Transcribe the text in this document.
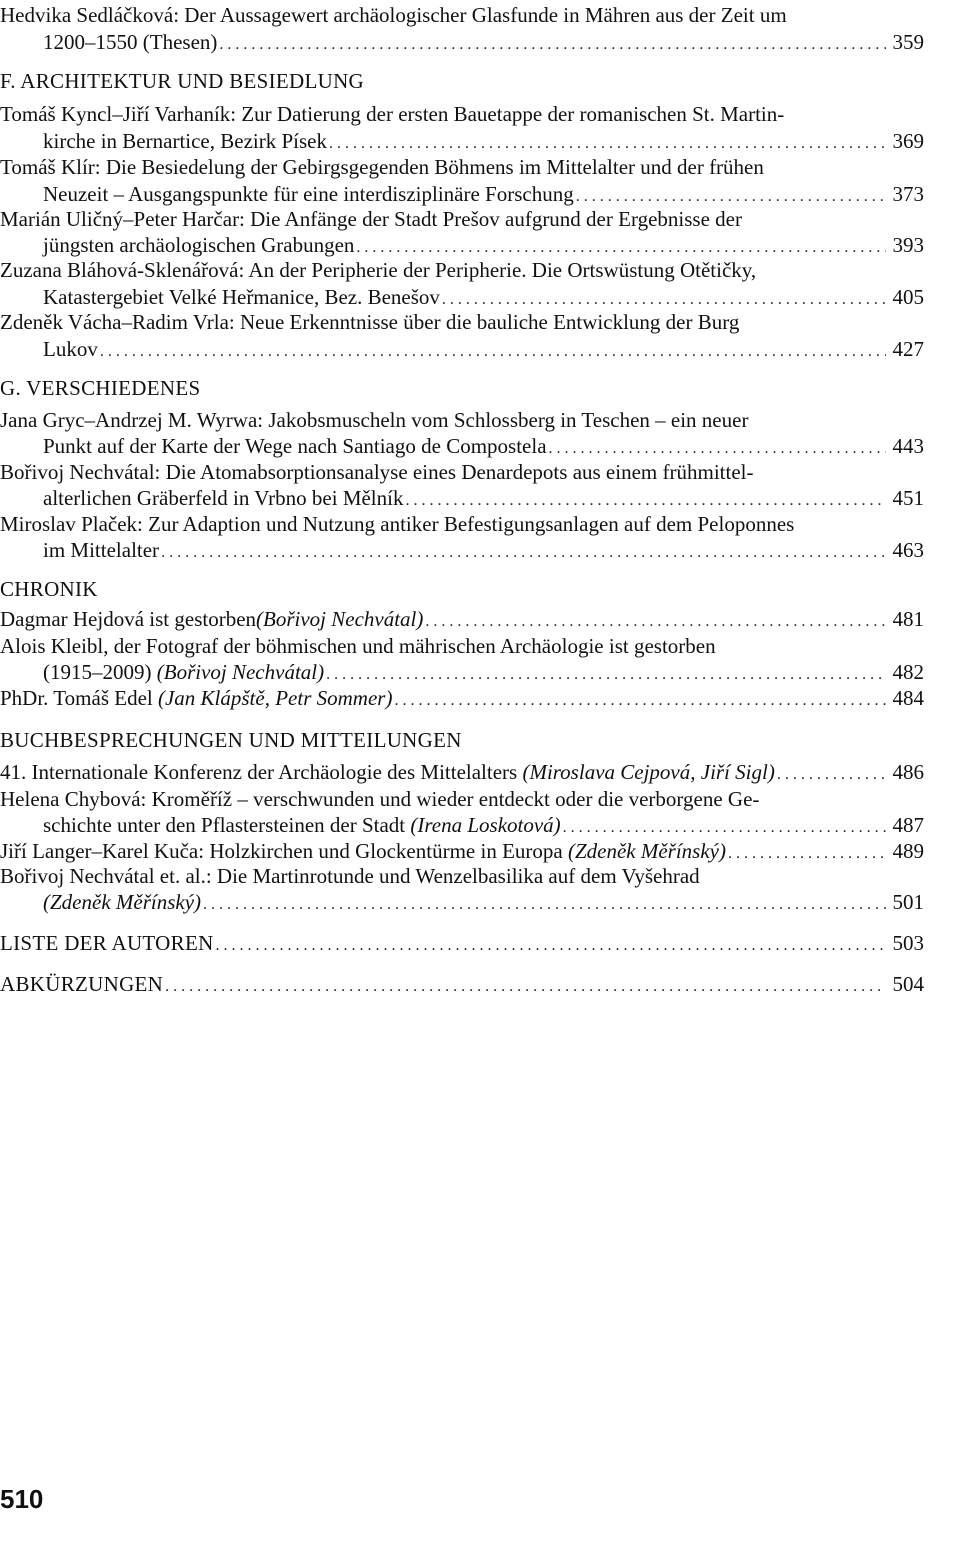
Hedvika Sedláčková: Der Aussagewert archäologischer Glasfunde in Mähren aus der Zeit um
1200–1550 (Thesen) . . .	359
F. ARCHITEKTUR UND BESIEDLUNG
Tomáš Kyncl–Jiří Varhaník: Zur Datierung der ersten Bauetappe der romanischen St. Martin-
kirche in Bernartice, Bezirk Písek . . .	369
Tomáš Klír: Die Besiedelung der Gebirgsgegenden Böhmens im Mittelalter und der frühen
Neuzeit – Ausgangspunkte für eine interdisziplinäre Forschung . . .	373
Marián Uličný–Peter Harčar: Die Anfänge der Stadt Prešov aufgrund der Ergebnisse der
jüngsten archäologischen Grabungen . . .	393
Zuzana Bláhová-Sklenářová: An der Peripherie der Peripherie. Die Ortswüstung Otětičky,
Katastergebiet Velké Heřmanice, Bez. Benešov . . .	405
Zdeněk Vácha–Radim Vrla: Neue Erkenntnisse über die bauliche Entwicklung der Burg
Lukov . . .	427
G. VERSCHIEDENES
Jana Gryc–Andrzej M. Wyrwa: Jakobsmuscheln vom Schlossberg in Teschen – ein neuer
Punkt auf der Karte der Wege nach Santiago de Compostela . . .	443
Bořivoj Nechvátal: Die Atomabsorptionsanalyse eines Denardepots aus einem frühmittel-
alterlichen Gräberfeld in Vrbno bei Mělník . . .	451
Miroslav Plaček: Zur Adaption und Nutzung antiker Befestigungsanlagen auf dem Peloponnes
im Mittelalter . . .	463
CHRONIK
Dagmar Hejdová ist gestorben (Bořivoj Nechvátal) . . .	481
Alois Kleibl, der Fotograf der böhmischen und mährischen Archäologie ist gestorben
(1915–2009) (Bořivoj Nechvátal) . . .	482
PhDr. Tomáš Edel (Jan Klápště, Petr Sommer) . . .	484
BUCHBESPRECHUNGEN UND MITTEILUNGEN
41. Internationale Konferenz der Archäologie des Mittelalters (Miroslava Cejpová, Jiří Sigl) . . .	486
Helena Chybová: Kroměříž – verschwunden und wieder entdeckt oder die verborgene Ge-
schichte unter den Pflastersteinen der Stadt (Irena Loskotová) . . .	487
Jiří Langer–Karel Kuča: Holzkirchen und Glockentürme in Europa (Zdeněk Měřínský) . . .	489
Bořivoj Nechvátal et. al.: Die Martinrotunde und Wenzelbasilika auf dem Vyšehrad
(Zdeněk Měřínský) . . .	501
LISTE DER AUTOREN . . .	503
ABKÜRZUNGEN . . .	504
510
